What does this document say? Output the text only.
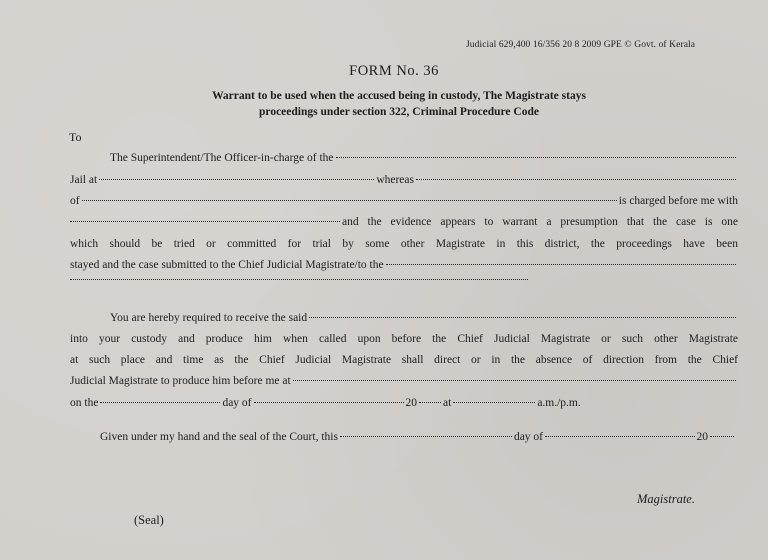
Judicial 629,400 16/356 20 8 2009 GPE © Govt. of Kerala
FORM No. 36
Warrant to be used when the accused being in custody, The Magistrate stays
proceedings under section 322, Criminal Procedure Code
To
The Superintendent/The Officer-in-charge of the
Jail at	whereas
of	is charged before me with
and the evidence appears to warrant a presumption that the case is one
which should be tried or committed for trial by some other Magistrate in this district, the proceedings have been
stayed and the case submitted to the Chief Judicial Magistrate/to the
You are hereby required to receive the said
into your custody and produce him when called upon before the Chief Judicial Magistrate or such other Magistrate
at such place and time as the Chief Judicial Magistrate shall direct or in the absence of direction from the Chief
Judicial Magistrate to produce him before me at
on the	day of	20 at	a.m./p.m.
Given under my hand and the seal of the Court, this	day of	20
Magistrate.
(Seal)
